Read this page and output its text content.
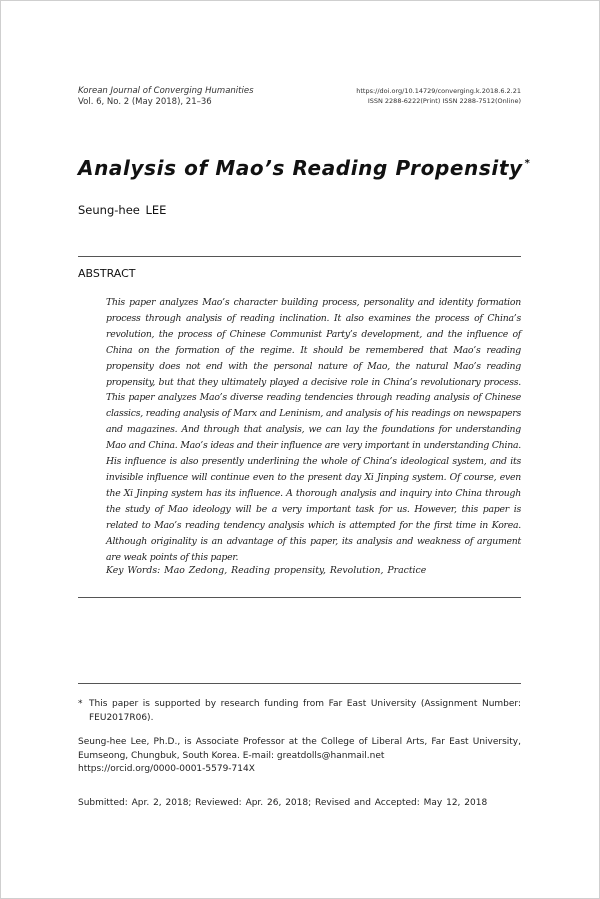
Korean Journal of Converging Humanities
Vol. 6, No. 2 (May 2018), 21–36
https://doi.org/10.14729/converging.k.2018.6.2.21
ISSN 2288-6222(Print) ISSN 2288-7512(Online)
Analysis of Mao’s Reading Propensity *
Seung-hee LEE
ABSTRACT
This paper analyzes Mao’s character building process, personality and identity formation process through analysis of reading inclination. It also examines the process of China’s revolution, the process of Chinese Communist Party’s development, and the influence of China on the formation of the regime. It should be remembered that Mao’s reading propensity does not end with the personal nature of Mao, the natural Mao’s reading propensity, but that they ultimately played a decisive role in China’s revolutionary process. This paper analyzes Mao’s diverse reading tendencies through reading analysis of Chinese classics, reading analysis of Marx and Leninism, and analysis of his readings on newspapers and magazines. And through that analysis, we can lay the foundations for understanding Mao and China. Mao’s ideas and their influence are very important in understanding China. His influence is also presently underlining the whole of China’s ideological system, and its invisible influence will continue even to the present day Xi Jinping system. Of course, even the Xi Jinping system has its influence. A thorough analysis and inquiry into China through the study of Mao ideology will be a very important task for us. However, this paper is related to Mao’s reading tendency analysis which is attempted for the first time in Korea. Although originality is an advantage of this paper, its analysis and weakness of argument are weak points of this paper.
Key Words: Mao Zedong, Reading propensity, Revolution, Practice
* This paper is supported by research funding from Far East University (Assignment Number: FEU2017R06).
Seung-hee Lee, Ph.D., is Associate Professor at the College of Liberal Arts, Far East University, Eumseong, Chungbuk, South Korea. E-mail: greatdolls@hanmail.net
https://orcid.org/0000-0001-5579-714X
Submitted: Apr. 2, 2018; Reviewed: Apr. 26, 2018; Revised and Accepted: May 12, 2018
